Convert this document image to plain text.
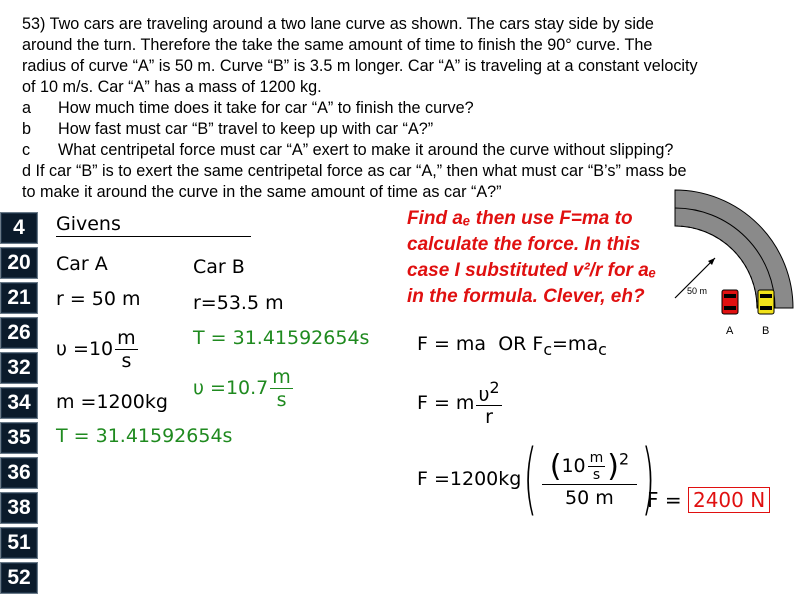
53) Two cars are traveling around a two lane curve as shown. The cars stay side by side
around the turn. Therefore the take the same amount of time to finish the 90° curve. The
radius of curve “A” is 50 m. Curve “B” is 3.5 m longer. Car “A” is traveling at a constant velocity
of 10 m/s. Car “A” has a mass of 1200 kg.
a How much time does it take for car “A” to finish the curve?
b How fast must car “B” travel to keep up with car “A?”
c What centripetal force must car “A” exert to make it around the curve without slipping?
d If car “B” is to exert the same centripetal force as car “A,” then what must car “B’s” mass be
to make it around the curve in the same amount of time as car “A?”
4
20
21
26
32
34
35
36
38
51
52
Givens
Car A
r = 50 m
$\upsilon =10 \frac{m}{s}$
m =1200kg
T = 31.41592654s
Car B
r=53.5 m
T = 31.41592654s
$\upsilon =10.7 \frac{m}{s}$
Find aₑ then use F=ma to
calculate the force. In this
case I substituted v²/r for aₑ
in the formula. Clever, eh?	50 m
A	B
F = ma OR $F_c=ma_c$
F = m $\frac{\upsilon^2}{r}$
F =1200kg ( $\frac{(10 \frac{m}{s} )^2}{50 m}$ )
F = 2400 N
